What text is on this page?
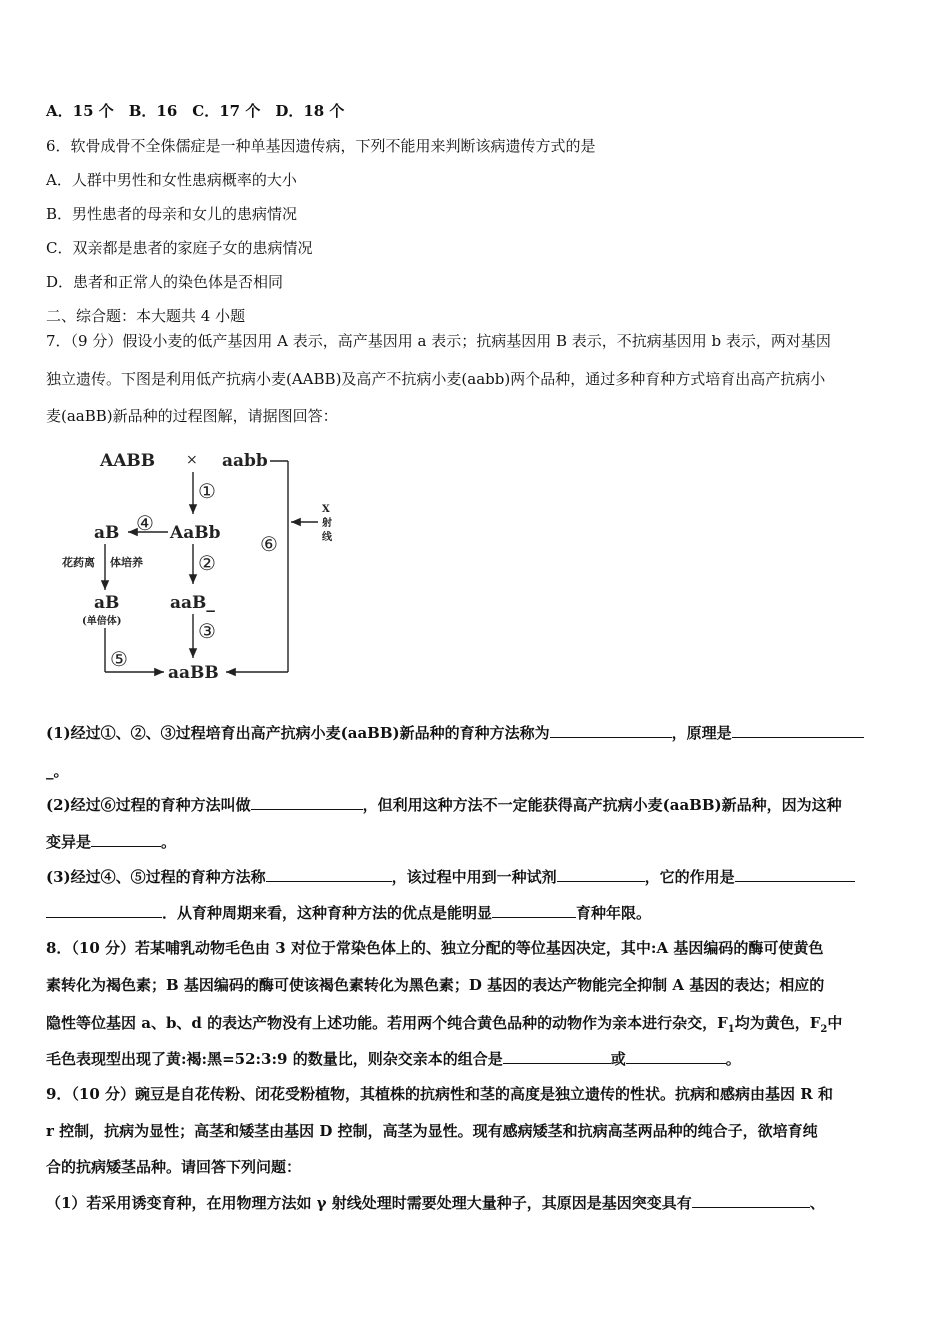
A．15 个　B．16　C．17 个　D．18 个
6．软骨成骨不全侏儒症是一种单基因遗传病，下列不能用来判断该病遗传方式的是
A．人群中男性和女性患病概率的大小
B．男性患者的母亲和女儿的患病情况
C．双亲都是患者的家庭子女的患病情况
D．患者和正常人的染色体是否相同
二、综合题：本大题共 4 小题
7．（9 分）假设小麦的低产基因用 A 表示，高产基因用 a 表示；抗病基因用 B 表示，不抗病基因用 b 表示，两对基因
独立遗传。下图是利用低产抗病小麦(AABB)及高产不抗病小麦(aabb)两个品种，通过多种育种方式培育出高产抗病小
麦(aaBB)新品种的过程图解，请据图回答：
AABB × aabb
X
射
线
⑥
①
AaBb
④
aB
花药离 体培养	②
aB
(单倍体)
aaB_
③
⑤
aaBB
(1)经过①、②、③过程培育出高产抗病小麦(aaBB)新品种的育种方法称为	，原理是
_。
(2)经过⑥过程的育种方法叫做	，但利用这种方法不一定能获得高产抗病小麦(aaBB)新品种，因为这种
变异是	。
(3)经过④、⑤过程的育种方法称	，该过程中用到一种试剂	，它的作用是
．从育种周期来看，这种育种方法的优点是能明显	育种年限。
8．（10 分）若某哺乳动物毛色由 3 对位于常染色体上的、独立分配的等位基因决定，其中:A 基因编码的酶可使黄色
素转化为褐色素；B 基因编码的酶可使该褐色素转化为黑色素；D 基因的表达产物能完全抑制 A 基因的表达；相应的
隐性等位基因 a、b、d 的表达产物没有上述功能。若用两个纯合黄色品种的动物作为亲本进行杂交，$F_1$均为黄色，$F_2$中
毛色表现型出现了黄:褐:黑=52:3:9 的数量比，则杂交亲本的组合是	或	。
9．（10 分）豌豆是自花传粉、闭花受粉植物，其植株的抗病性和茎的高度是独立遗传的性状。抗病和感病由基因 R 和
r 控制，抗病为显性；高茎和矮茎由基因 D 控制，高茎为显性。现有感病矮茎和抗病高茎两品种的纯合子，欲培育纯
合的抗病矮茎品种。请回答下列问题：
（1）若采用诱变育种，在用物理方法如 γ 射线处理时需要处理大量种子，其原因是基因突变具有	、
